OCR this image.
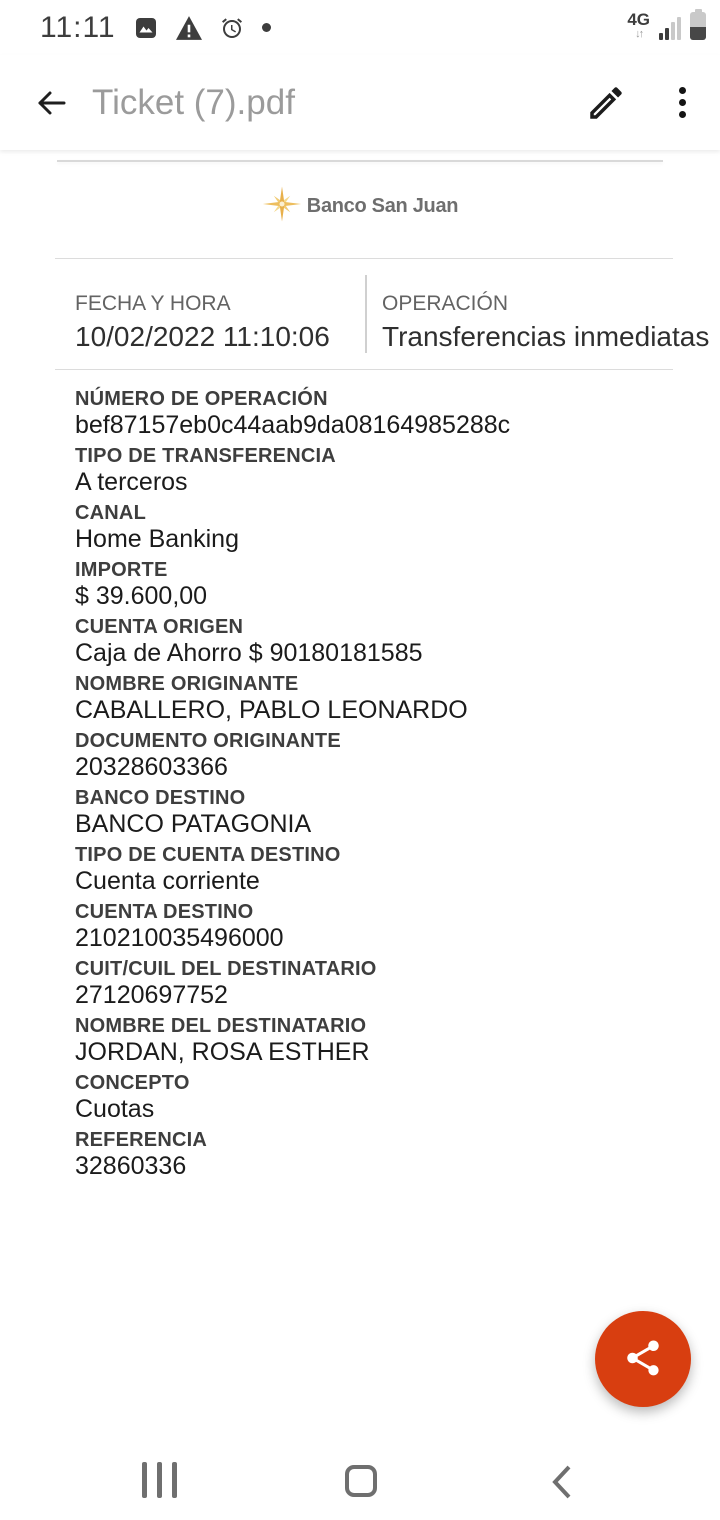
11:11	4G
↓↑
Ticket (7).pdf
Banco San Juan
FECHA Y HORA
10/02/2022 11:10:06
OPERACIÓN
Transferencias inmediatas
NÚMERO DE OPERACIÓN
bef87157eb0c44aab9da08164985288c
TIPO DE TRANSFERENCIA
A terceros
CANAL
Home Banking
IMPORTE
$ 39.600,00
CUENTA ORIGEN
Caja de Ahorro $ 90180181585
NOMBRE ORIGINANTE
CABALLERO, PABLO LEONARDO
DOCUMENTO ORIGINANTE
20328603366
BANCO DESTINO
BANCO PATAGONIA
TIPO DE CUENTA DESTINO
Cuenta corriente
CUENTA DESTINO
210210035496000
CUIT/CUIL DEL DESTINATARIO
27120697752
NOMBRE DEL DESTINATARIO
JORDAN, ROSA ESTHER
CONCEPTO
Cuotas
REFERENCIA
32860336
